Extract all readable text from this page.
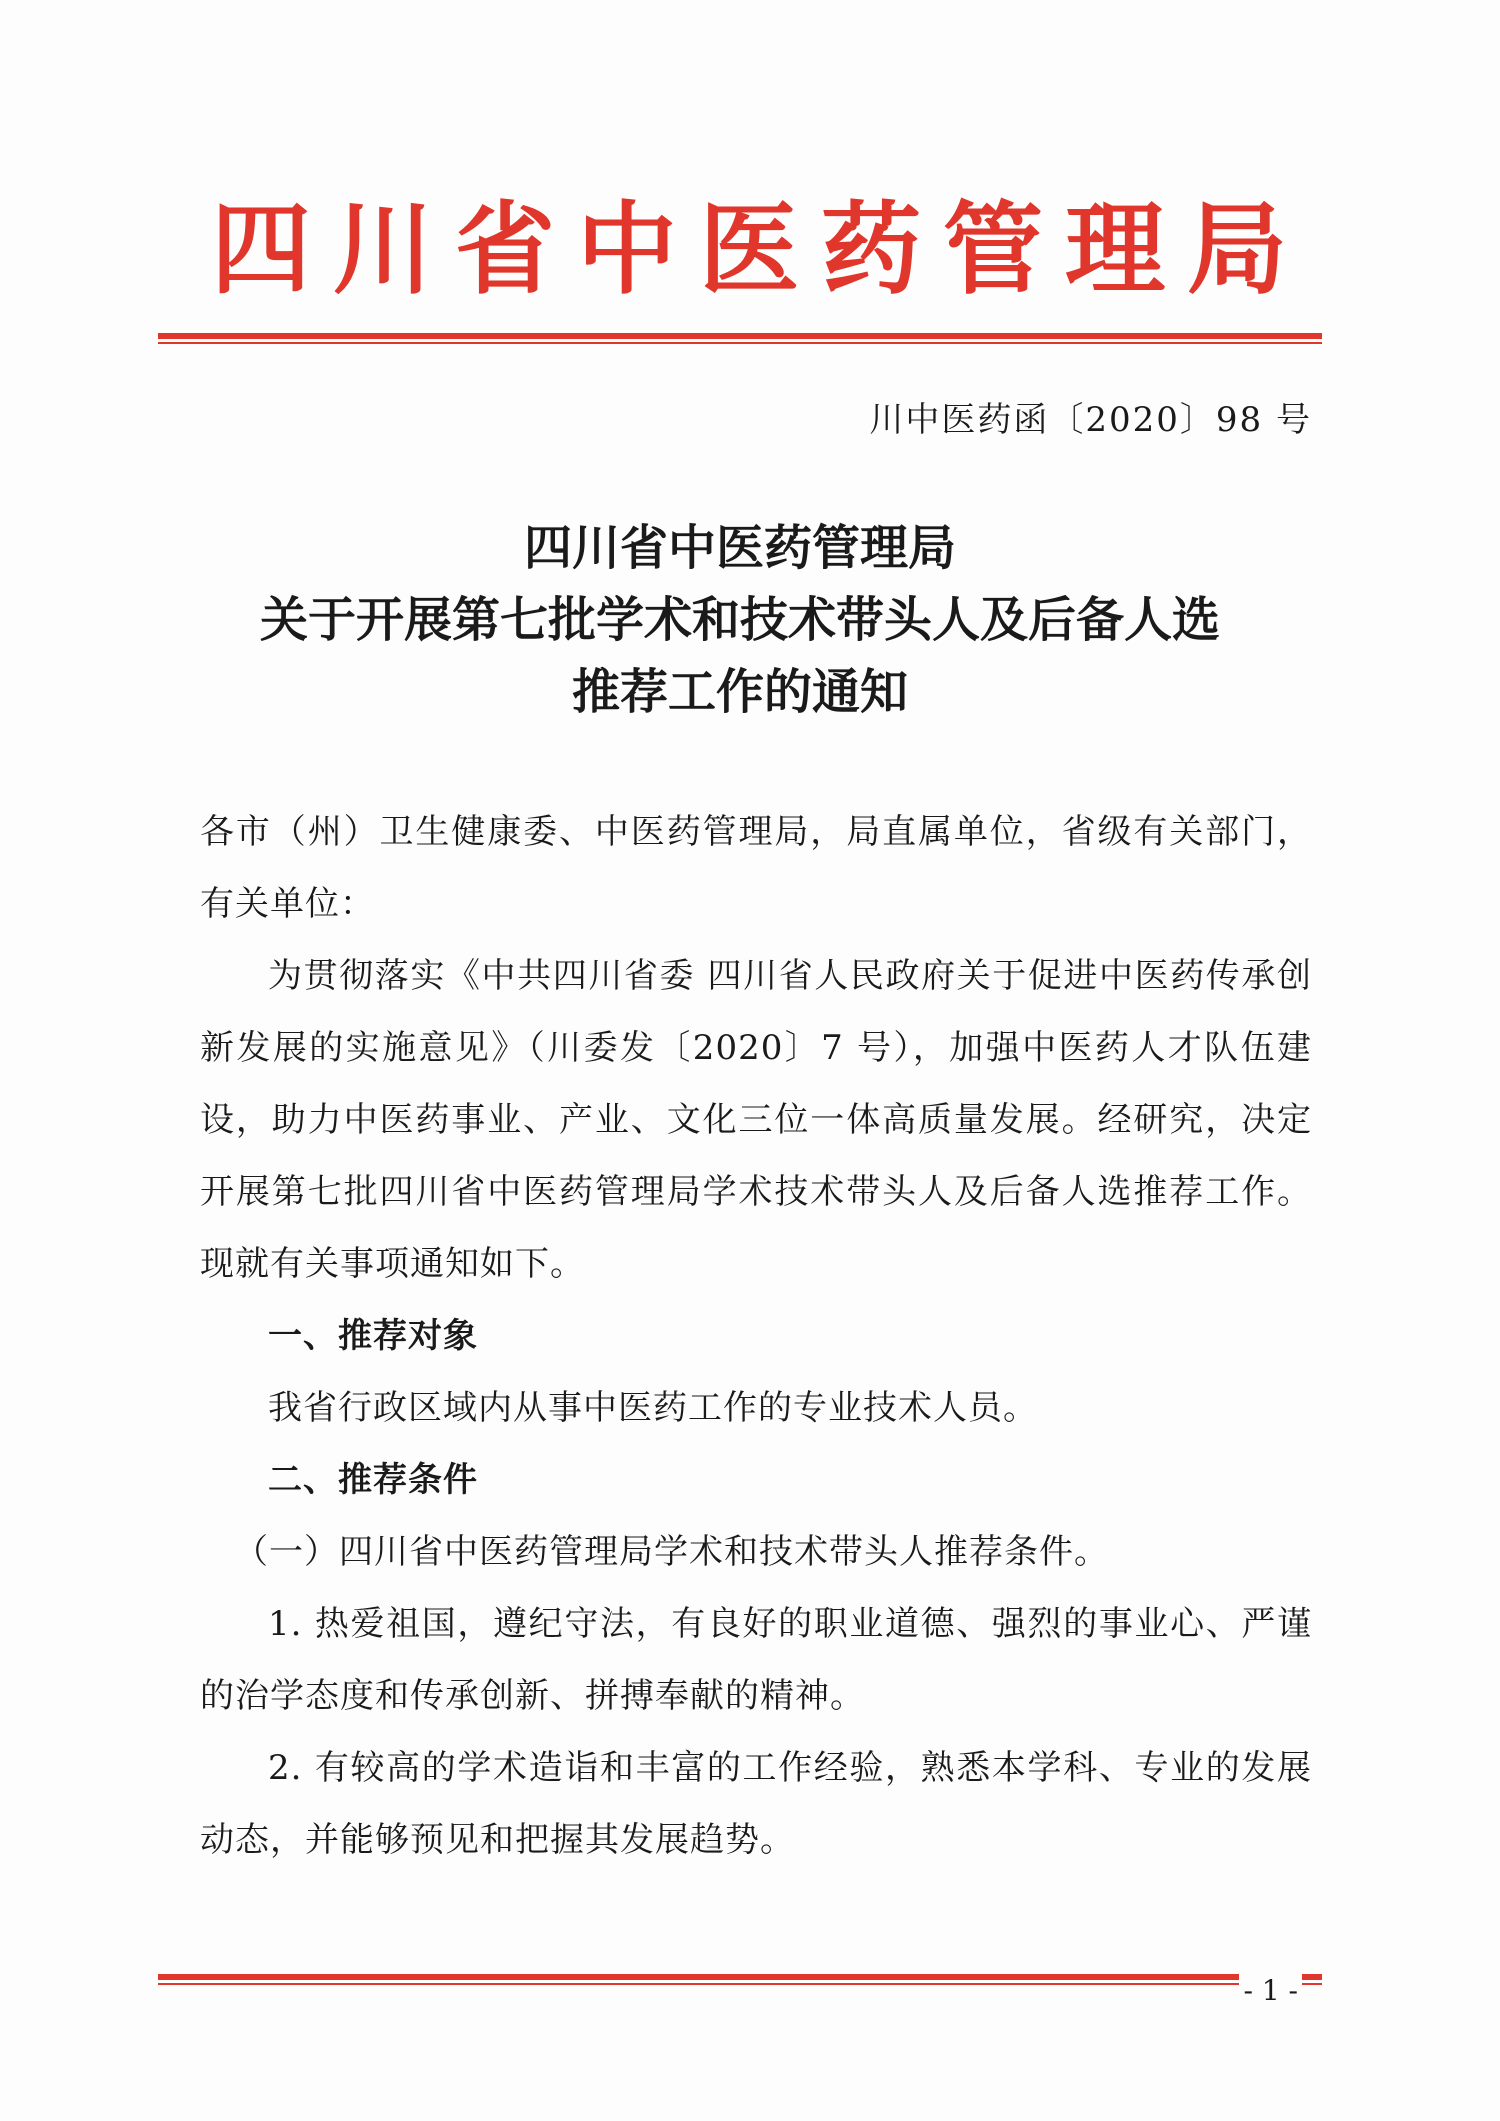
四川省中医药管理局
川中医药函〔2020〕98 号
四川省中医药管理局
关于开展第七批学术和技术带头人及后备人选
推荐工作的通知

各市（州）卫生健康委、中医药管理局，局直属单位，省级有关部门，有关单位：

为贯彻落实《中共四川省委 四川省人民政府关于促进中医药传承创新发展的实施意见》（川委发〔2020〕7 号），加强中医药人才队伍建设，助力中医药事业、产业、文化三位一体高质量发展。经研究，决定开展第七批四川省中医药管理局学术技术带头人及后备人选推荐工作。现就有关事项通知如下。

一、推荐对象

我省行政区域内从事中医药工作的专业技术人员。

二、推荐条件

（一）四川省中医药管理局学术和技术带头人推荐条件。

1. 热爱祖国，遵纪守法，有良好的职业道德、强烈的事业心、严谨的治学态度和传承创新、拼搏奉献的精神。

2. 有较高的学术造诣和丰富的工作经验，熟悉本学科、专业的发展动态，并能够预见和把握其发展趋势。

- 1 -
